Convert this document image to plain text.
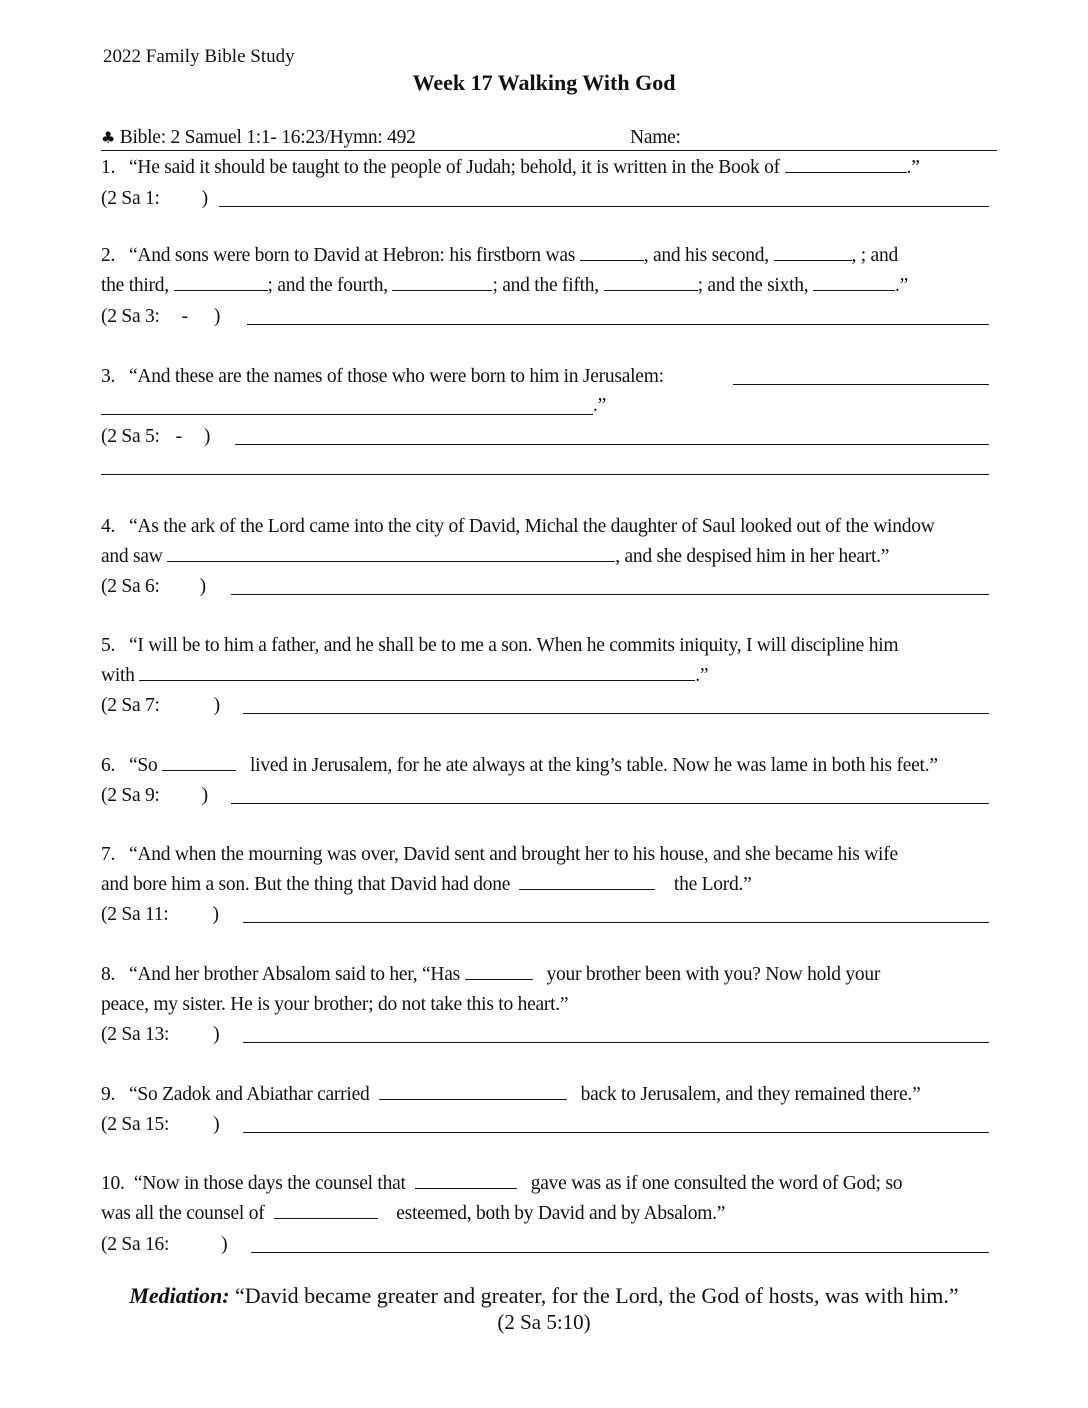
2022 Family Bible Study
Week 17 Walking With God
♣ Bible: 2 Samuel 1:1- 16:23/Hymn: 492	Name:
1. “He said it should be taught to the people of Judah; behold, it is written in the Book of	.”
(2 Sa 1: )
2. “And sons were born to David at Hebron: his firstborn was	, and his second,	, ; and
the third,	; and the fourth,	; and the fifth,	; and the sixth,	.”
(2 Sa 3: - )
3. “And these are the names of those who were born to him in Jerusalem:
.”
(2 Sa 5: - )
4. “As the ark of the Lord came into the city of David, Michal the daughter of Saul looked out of the window
and saw	, and she despised him in her heart.”
(2 Sa 6: )
5. “I will be to him a father, and he shall be to me a son. When he commits iniquity, I will discipline him
with	.”
(2 Sa 7:	)
6. “So	lived in Jerusalem, for he ate always at the king’s table. Now he was lame in both his feet.”
(2 Sa 9: )
7. “And when the mourning was over, David sent and brought her to his house, and she became his wife
and bore him a son. But the thing that David had done	the Lord.”
(2 Sa 11: )
8. “And her brother Absalom said to her, “Has	your brother been with you? Now hold your
peace, my sister. He is your brother; do not take this to heart.”
(2 Sa 13: )
9. “So Zadok and Abiathar carried	back to Jerusalem, and they remained there.”
(2 Sa 15: )
10. “Now in those days the counsel that	gave was as if one consulted the word of God; so
was all the counsel of	esteemed, both by David and by Absalom.”
(2 Sa 16:	)
Mediation: “David became greater and greater, for the Lord, the God of hosts, was with him.”
(2 Sa 5:10)
